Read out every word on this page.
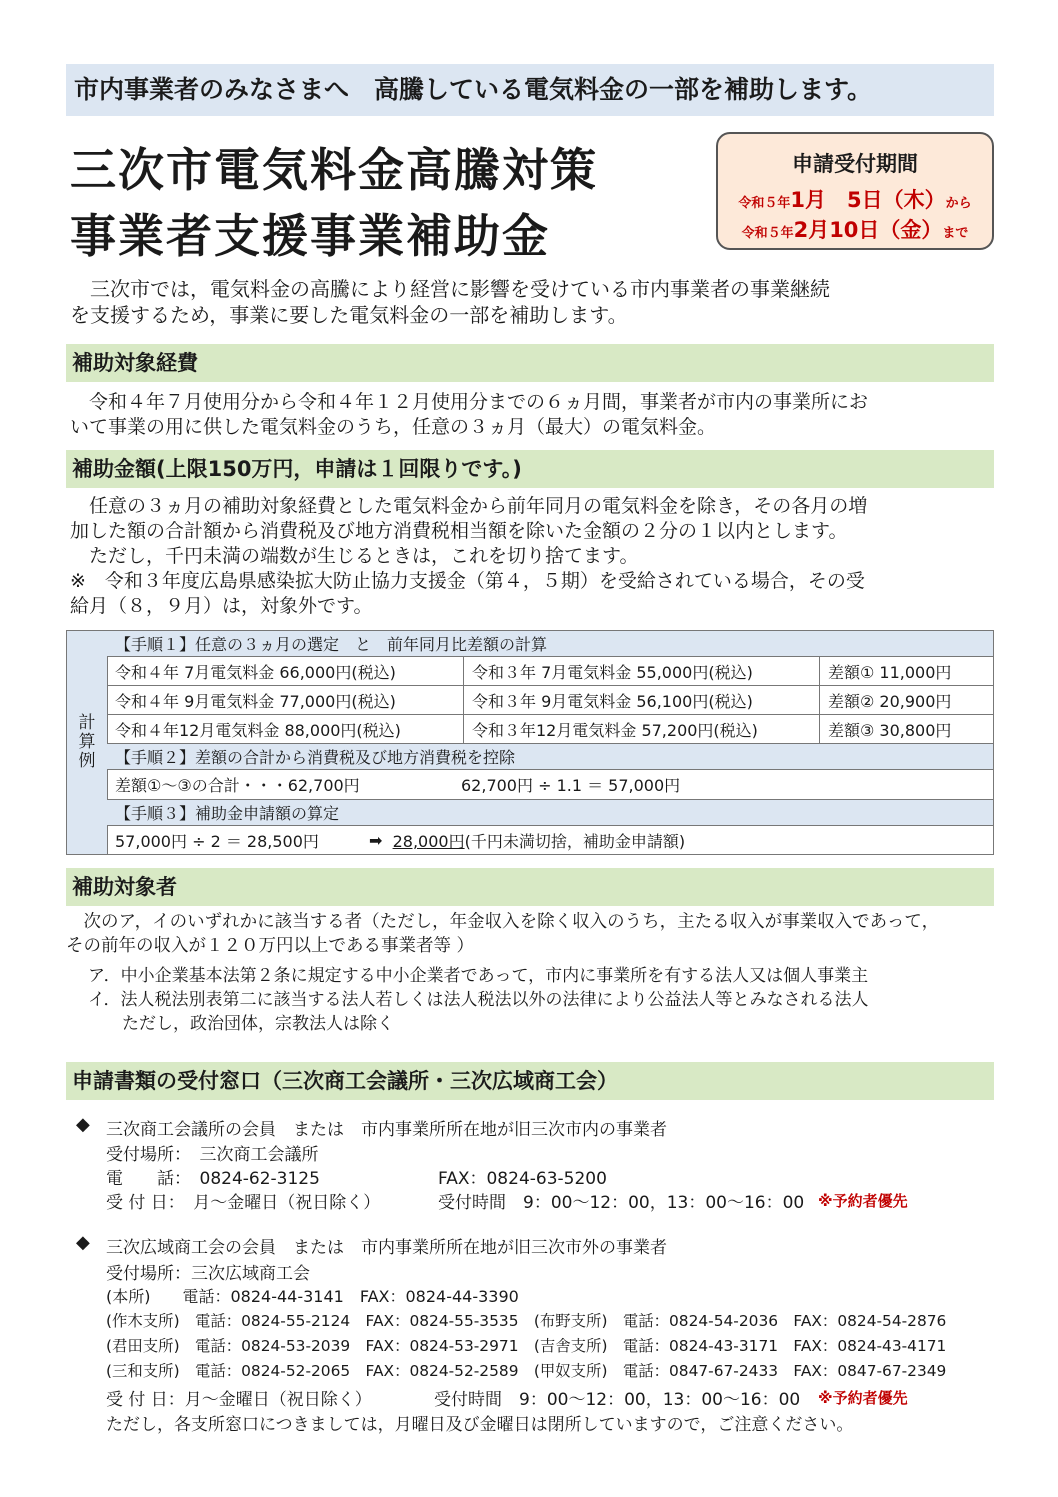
市内事業者のみなさまへ　高騰している電気料金の一部を補助します。
三次市電気料金高騰対策
事業者支援事業補助金
申請受付期間
令和５年1月　5日（木）から
令和５年2月10日（金）まで
　三次市では，電気料金の高騰により経営に影響を受けている市内事業者の事業継続
を支援するため，事業に要した電気料金の一部を補助します。
補助対象経費
　令和４年７月使用分から令和４年１２月使用分までの６ヵ月間，事業者が市内の事業所にお
いて事業の用に供した電気料金のうち，任意の３ヵ月（最大）の電気料金。
補助金額(上限150万円，申請は１回限りです。)
　任意の３ヵ月の補助対象経費とした電気料金から前年同月の電気料金を除き，その各月の増
加した額の合計額から消費税及び地方消費税相当額を除いた金額の２分の１以内とします。
　ただし，千円未満の端数が生じるときは，これを切り捨てます。
※　令和３年度広島県感染拡大防止協力支援金（第４，５期）を受給されている場合，その受
給月（８，９月）は，対象外です。
計
算
例
【手順１】任意の３ヵ月の選定　と　前年同月比差額の計算
令和４年 7月電気料金 66,000円(税込)	令和３年 7月電気料金 55,000円(税込)	差額① 11,000円
令和４年 9月電気料金 77,000円(税込)	令和３年 9月電気料金 56,100円(税込)	差額② 20,900円
令和４年12月電気料金 88,000円(税込)	令和３年12月電気料金 57,200円(税込)	差額③ 30,800円
【手順２】差額の合計から消費税及び地方消費税を控除
差額①～③の合計・・・62,700円	62,700円 ÷ 1.1 ＝ 57,000円
【手順３】補助金申請額の算定
57,000円 ÷ 2 ＝ 28,500円	➡
28,000円 (千円未満切捨，補助金申請額)
補助対象者
　次のア，イのいずれかに該当する者（ただし，年金収入を除く収入のうち，主たる収入が事業収入であって，
その前年の収入が１２０万円以上である事業者等 ）
ア．中小企業基本法第２条に規定する中小企業者であって，市内に事業所を有する法人又は個人事業主
イ．法人税法別表第二に該当する法人若しくは法人税法以外の法律により公益法人等とみなされる法人
　　ただし，政治団体，宗教法人は除く
申請書類の受付窓口（三次商工会議所・三次広域商工会）
◆ 三次商工会議所の会員　または　市内事業所所在地が旧三次市内の事業者
受付場所：　三次商工会議所
電　　話：　0824-62-3125	FAX：0824-63-5200
受 付 日：　月～金曜日（祝日除く）	受付時間　9：00～12：00，13：00～16：00 ※予約者優先
◆ 三次広域商工会の会員　または　市内事業所所在地が旧三次市外の事業者
受付場所：三次広域商工会
(本所)　　電話：0824-44-3141　FAX：0824-44-3390
(作木支所)　電話：0824-55-2124　FAX：0824-55-3535　(布野支所)　電話：0824-54-2036　FAX：0824-54-2876
(君田支所)　電話：0824-53-2039　FAX：0824-53-2971　(吉舎支所)　電話：0824-43-3171　FAX：0824-43-4171
(三和支所)　電話：0824-52-2065　FAX：0824-52-2589　(甲奴支所)　電話：0847-67-2433　FAX：0847-67-2349
受 付 日：月～金曜日（祝日除く）	受付時間　9：00～12：00，13：00～16：00 ※予約者優先
ただし，各支所窓口につきましては，月曜日及び金曜日は閉所していますので，ご注意ください。
